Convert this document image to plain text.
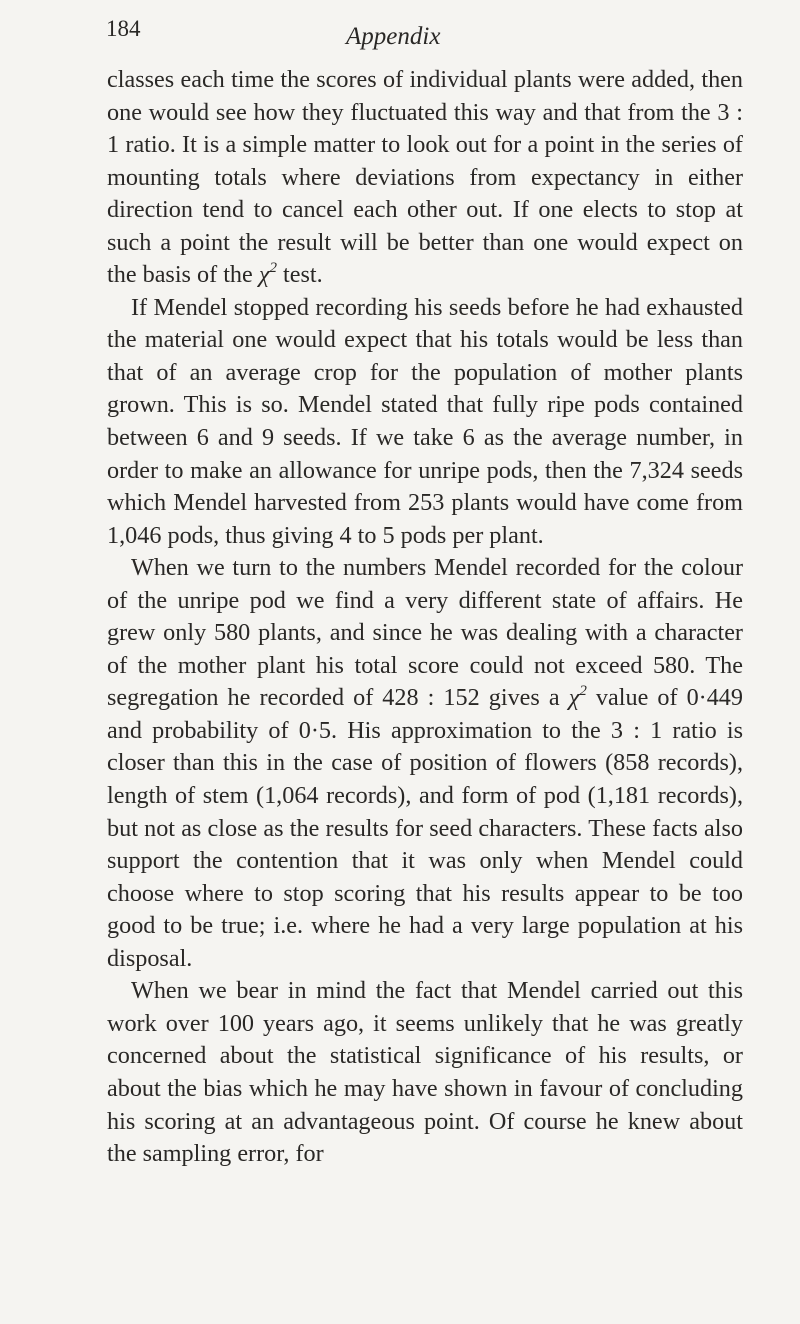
184	Appendix

classes each time the scores of individual plants were added, then one would see how they fluctuated this way and that from the 3 : 1 ratio. It is a simple matter to look out for a point in the series of mounting totals where deviations from expectancy in either direction tend to cancel each other out. If one elects to stop at such a point the result will be better than one would expect on the basis of the $\chi^2$ test.

If Mendel stopped recording his seeds before he had exhausted the material one would expect that his totals would be less than that of an average crop for the population of mother plants grown. This is so. Mendel stated that fully ripe pods contained between 6 and 9 seeds. If we take 6 as the average number, in order to make an allowance for unripe pods, then the 7,324 seeds which Mendel harvested from 253 plants would have come from 1,046 pods, thus giving 4 to 5 pods per plant.

When we turn to the numbers Mendel recorded for the colour of the unripe pod we find a very different state of affairs. He grew only 580 plants, and since he was dealing with a character of the mother plant his total score could not exceed 580. The segregation he recorded of 428 : 152 gives a $\chi^2$ value of 0·449 and probability of 0·5. His approximation to the 3 : 1 ratio is closer than this in the case of position of flowers (858 records), length of stem (1,064 records), and form of pod (1,181 records), but not as close as the results for seed characters. These facts also support the contention that it was only when Mendel could choose where to stop scoring that his results appear to be too good to be true; i.e. where he had a very large population at his disposal.

When we bear in mind the fact that Mendel carried out this work over 100 years ago, it seems unlikely that he was greatly concerned about the statistical significance of his results, or about the bias which he may have shown in favour of concluding his scoring at an advantageous point. Of course he knew about the sampling error, for
